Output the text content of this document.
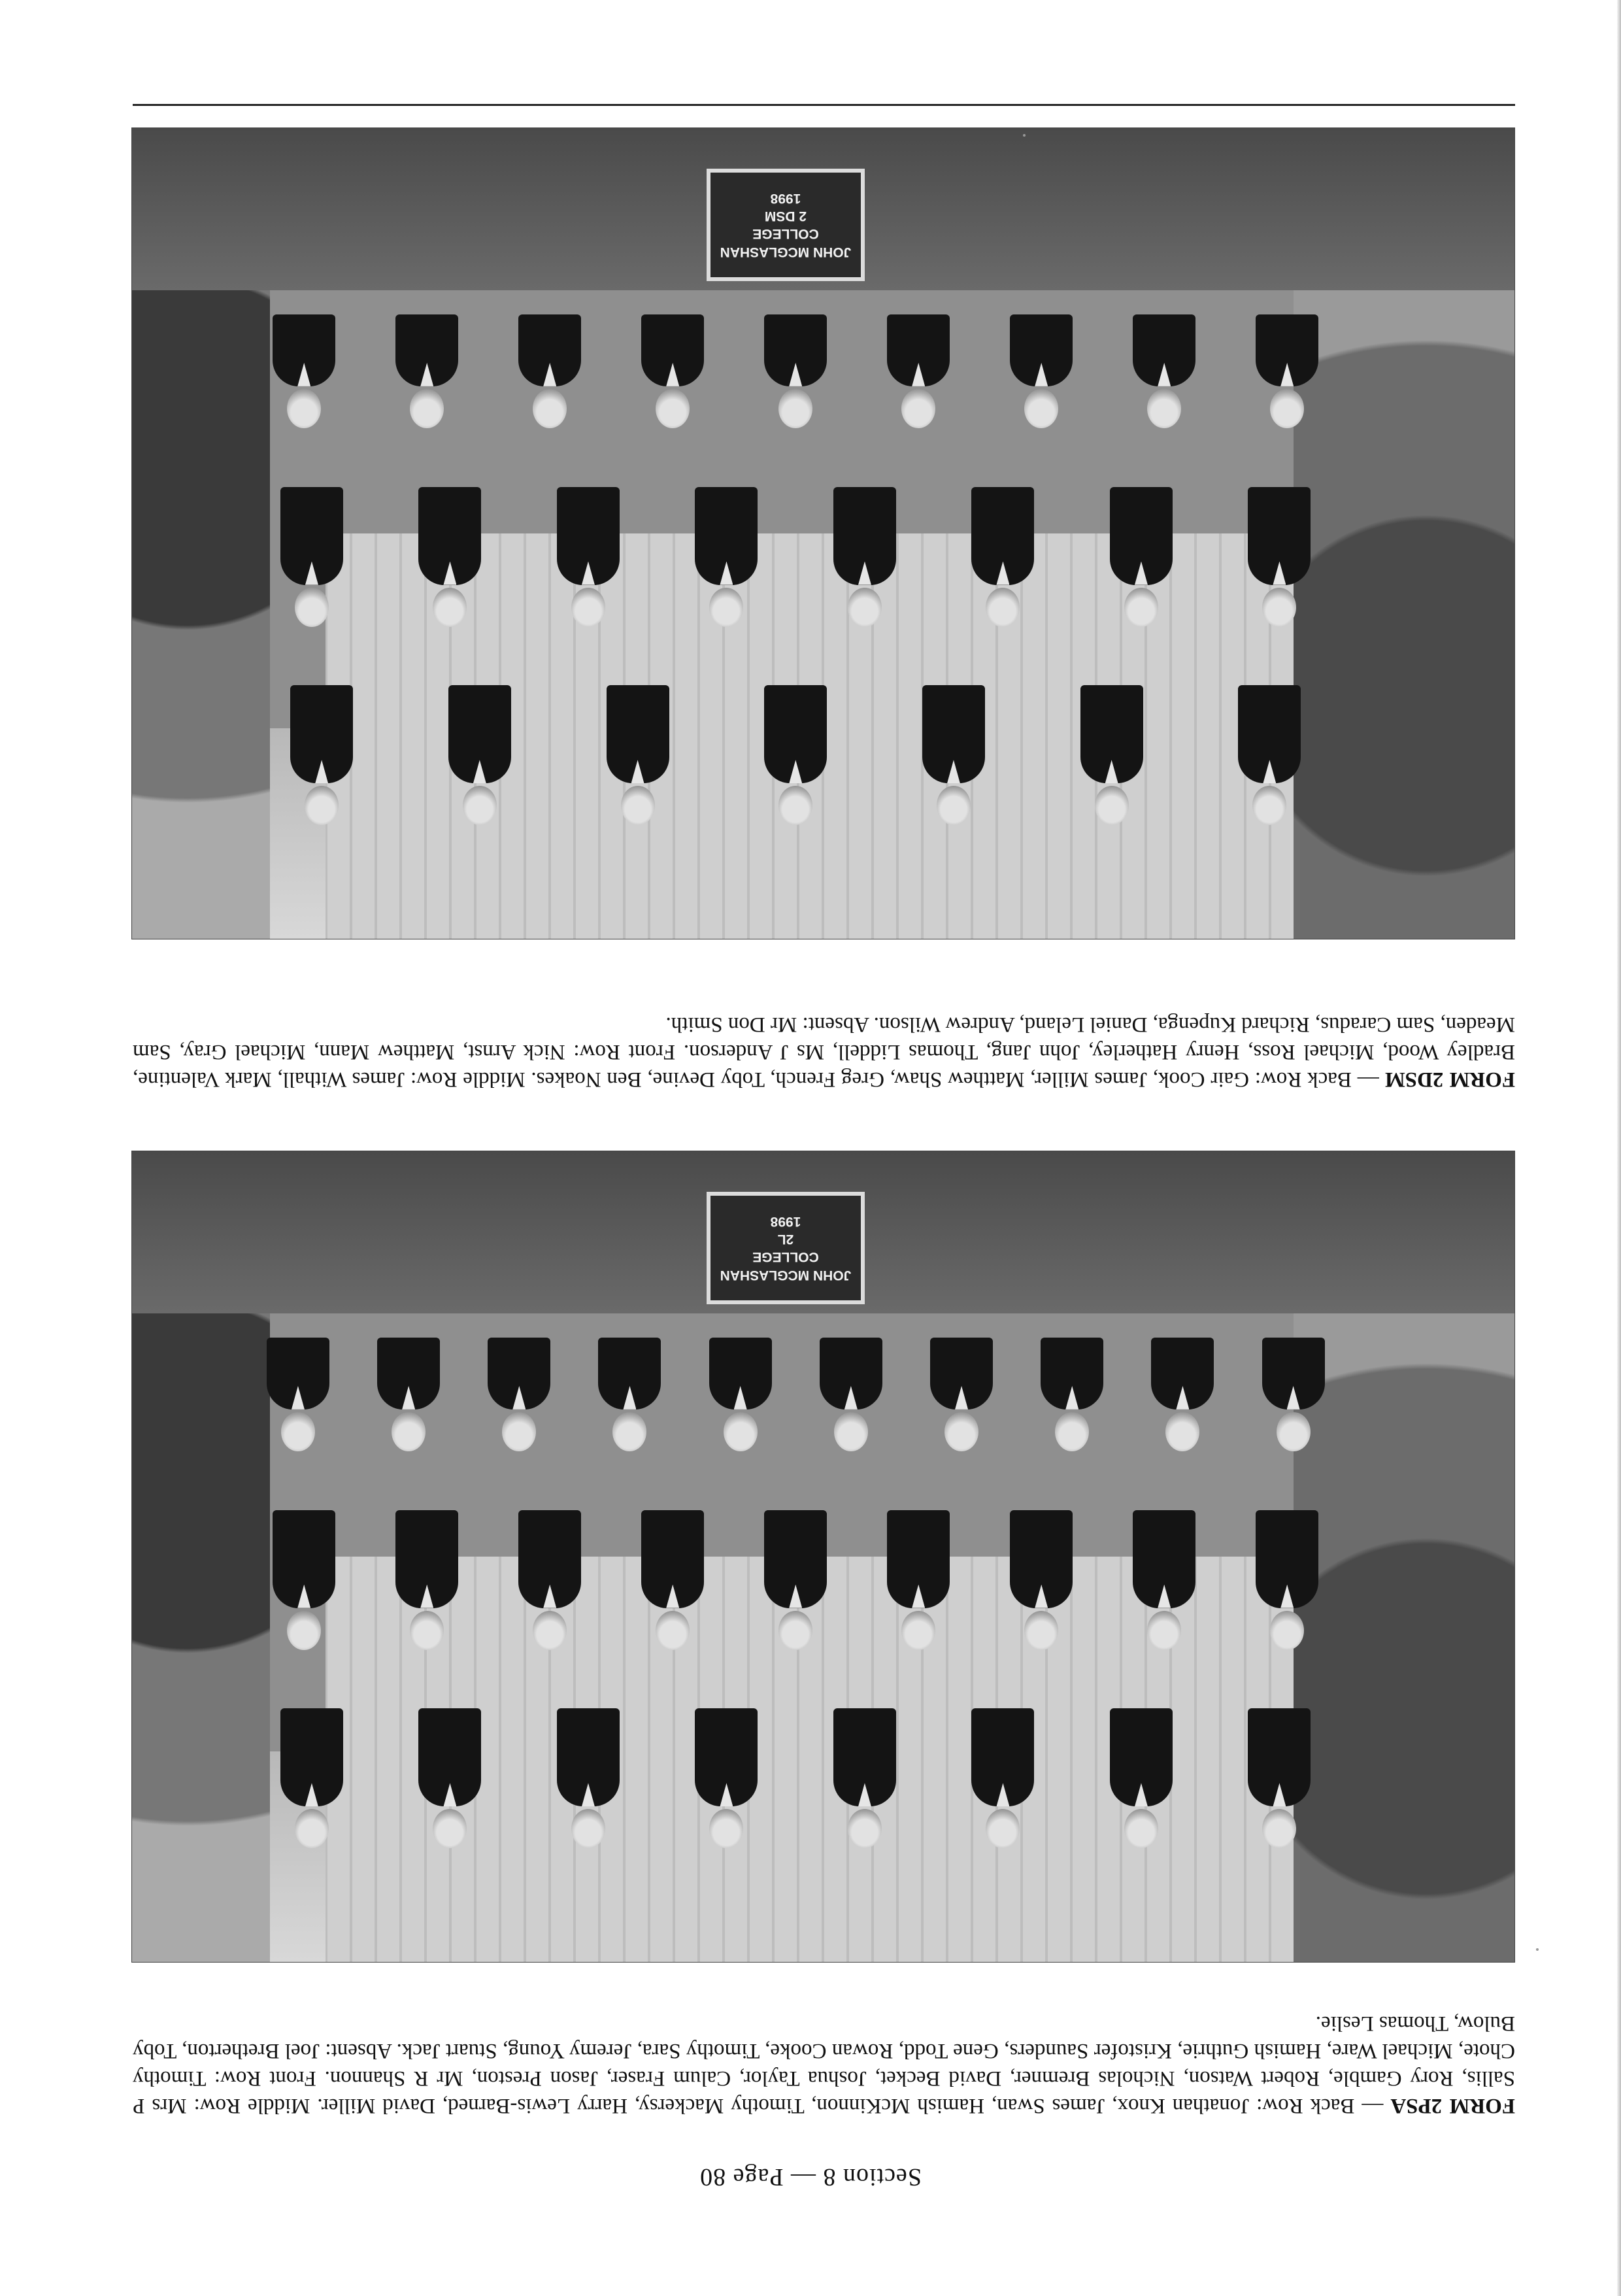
Section 8 — Page 80
FORM 2PSA — Back Row: Jonathan Knox, James Swan, Hamish McKinnon, Timothy Mackersy, Harry Lewis-Barned, David Miller. Middle Row: Mrs P Sallis, Rory Gamble, Robert Watson, Nicholas Bremner, David Becket, Joshua Taylor, Calum Fraser, Jason Preston, Mr R Shannon. Front Row: Timothy Chote, Michael Ware, Hamish Guthrie, Kristofer Saunders, Gene Todd, Rowan Cooke, Timothy Sara, Jeremy Young, Stuart Jack. Absent: Joel Bretherton, Toby Bulow, Thomas Leslie.
JOHN MCGLASHAN
COLLEGE
2L
1998
FORM 2DSM — Back Row: Gair Cook, James Miller, Matthew Shaw, Greg French, Toby Devine, Ben Noakes. Middle Row: James Withall, Mark Valentine, Bradley Wood, Michael Ross, Henry Hatherley, John Jang, Thomas Liddell, Ms J Anderson. Front Row: Nick Arnst, Matthew Mann, Michael Gray, Sam Meaden, Sam Caradus, Richard Kupenga, Daniel Leland, Andrew Wilson. Absent: Mr Don Smith.
JOHN MCGLASHAN
COLLEGE
2 DSM
1998
